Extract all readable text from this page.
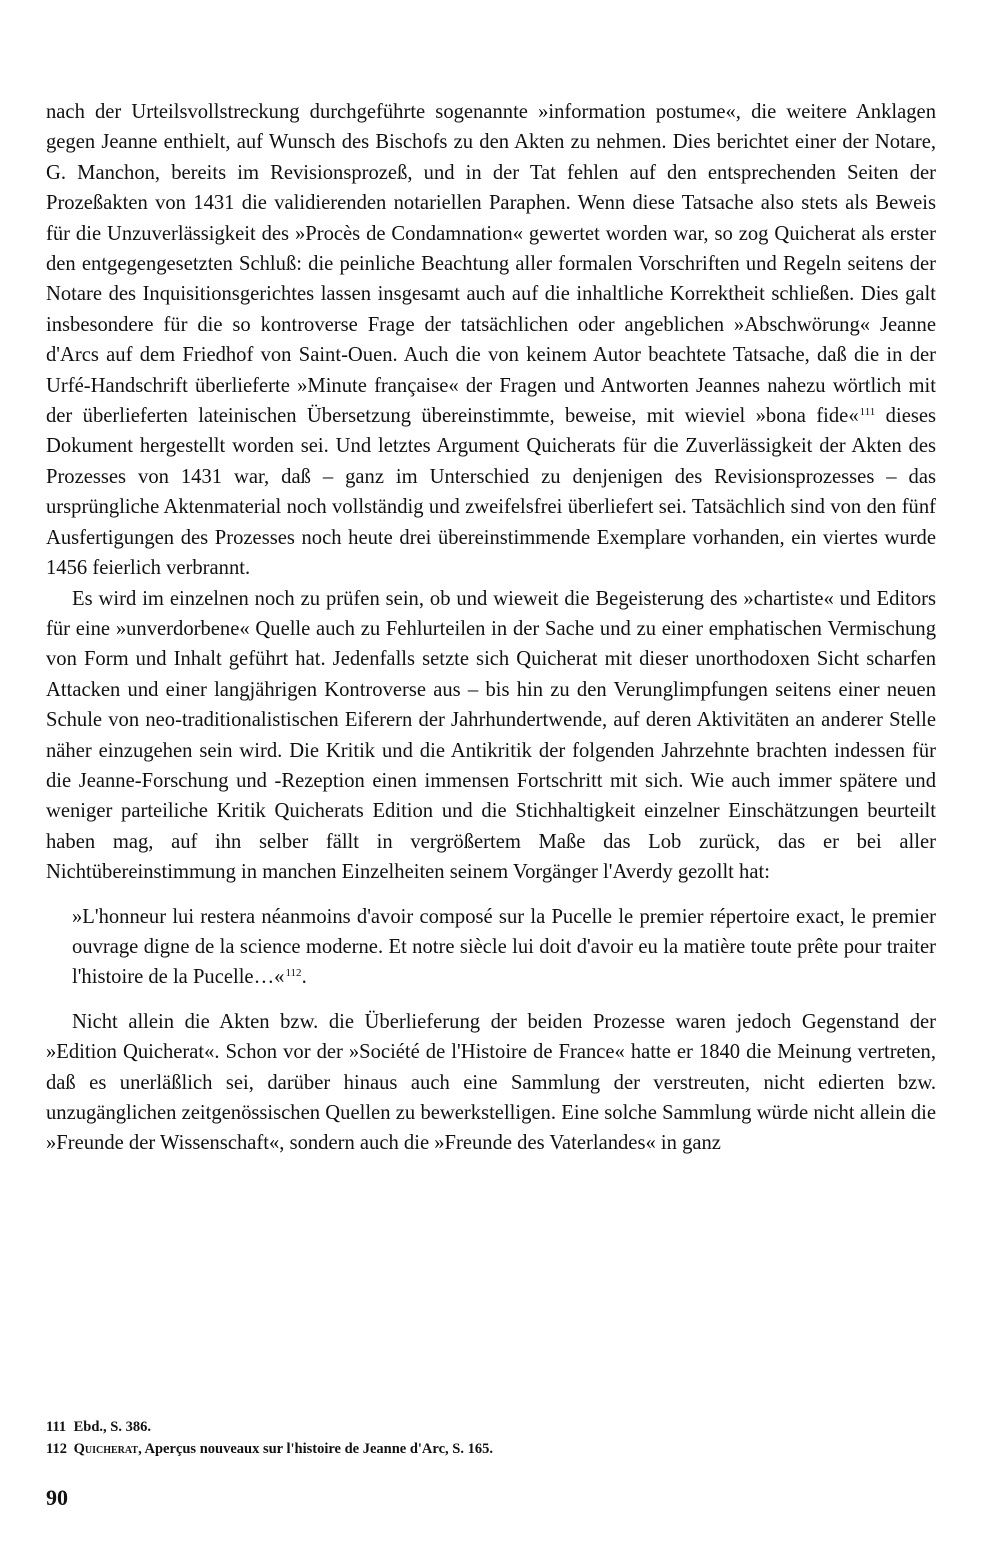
nach der Urteilsvollstreckung durchgeführte sogenannte »information postume«, die weitere Anklagen gegen Jeanne enthielt, auf Wunsch des Bischofs zu den Akten zu nehmen. Dies berichtet einer der Notare, G. Manchon, bereits im Revisionsprozeß, und in der Tat fehlen auf den entsprechenden Seiten der Prozeßakten von 1431 die validierenden notariellen Paraphen. Wenn diese Tatsache also stets als Beweis für die Unzuverlässigkeit des »Procès de Condamnation« gewertet worden war, so zog Quicherat als erster den entgegengesetzten Schluß: die peinliche Beachtung aller formalen Vorschriften und Regeln seitens der Notare des Inquisitionsgerichtes lassen insgesamt auch auf die inhaltliche Korrektheit schließen. Dies galt insbesondere für die so kontroverse Frage der tatsächlichen oder angeblichen »Abschwörung« Jeanne d'Arcs auf dem Friedhof von Saint-Ouen. Auch die von keinem Autor beachtete Tatsache, daß die in der Urfé-Handschrift überlieferte »Minute française« der Fragen und Antworten Jeannes nahezu wörtlich mit der überlieferten lateinischen Übersetzung übereinstimmte, beweise, mit wieviel »bona fide«$^{111}$ dieses Dokument hergestellt worden sei. Und letztes Argument Quicherats für die Zuverlässigkeit der Akten des Prozesses von 1431 war, daß – ganz im Unterschied zu denjenigen des Revisionsprozesses – das ursprüngliche Aktenmaterial noch vollständig und zweifelsfrei überliefert sei. Tatsächlich sind von den fünf Ausfertigungen des Prozesses noch heute drei übereinstimmende Exemplare vorhanden, ein viertes wurde 1456 feierlich verbrannt.

Es wird im einzelnen noch zu prüfen sein, ob und wieweit die Begeisterung des »chartiste« und Editors für eine »unverdorbene« Quelle auch zu Fehlurteilen in der Sache und zu einer emphatischen Vermischung von Form und Inhalt geführt hat. Jedenfalls setzte sich Quicherat mit dieser unorthodoxen Sicht scharfen Attacken und einer langjährigen Kontroverse aus – bis hin zu den Verunglimpfungen seitens einer neuen Schule von neo-traditionalistischen Eiferern der Jahrhundertwende, auf deren Aktivitäten an anderer Stelle näher einzugehen sein wird. Die Kritik und die Antikritik der folgenden Jahrzehnte brachten indessen für die Jeanne-Forschung und -Rezeption einen immensen Fortschritt mit sich. Wie auch immer spätere und weniger parteiliche Kritik Quicherats Edition und die Stichhaltigkeit einzelner Einschätzungen beurteilt haben mag, auf ihn selber fällt in vergrößertem Maße das Lob zurück, das er bei aller Nichtübereinstimmung in manchen Einzelheiten seinem Vorgänger l'Averdy gezollt hat:

»L'honneur lui restera néanmoins d'avoir composé sur la Pucelle le premier répertoire exact, le premier ouvrage digne de la science moderne. Et notre siècle lui doit d'avoir eu la matière toute prête pour traiter l'histoire de la Pucelle…«$^{112}$.

Nicht allein die Akten bzw. die Überlieferung der beiden Prozesse waren jedoch Gegenstand der »Edition Quicherat«. Schon vor der »Société de l'Histoire de France« hatte er 1840 die Meinung vertreten, daß es unerläßlich sei, darüber hinaus auch eine Sammlung der verstreuten, nicht edierten bzw. unzugänglichen zeitgenössischen Quellen zu bewerkstelligen. Eine solche Sammlung würde nicht allein die »Freunde der Wissenschaft«, sondern auch die »Freunde des Vaterlandes« in ganz

111 Ebd., S. 386.
112 Quicherat, Aperçus nouveaux sur l'histoire de Jeanne d'Arc, S. 165.
90
